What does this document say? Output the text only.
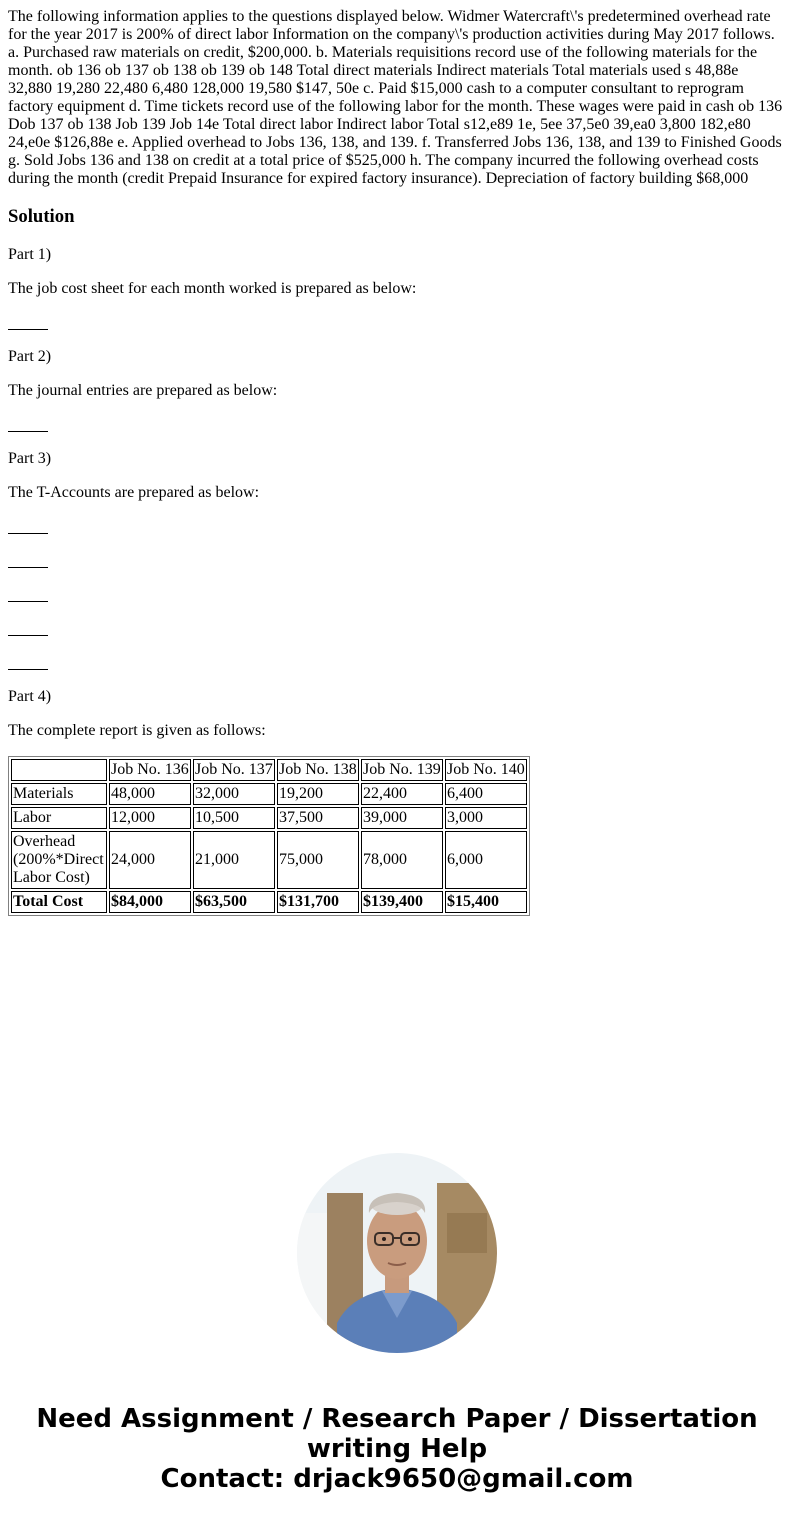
The following information applies to the questions displayed below. Widmer Watercraft\'s predetermined overhead rate for the year 2017 is 200% of direct labor Information on the company\'s production activities during May 2017 follows. a. Purchased raw materials on credit, $200,000. b. Materials requisitions record use of the following materials for the month. ob 136 ob 137 ob 138 ob 139 ob 148 Total direct materials Indirect materials Total materials used s 48,88e 32,880 19,280 22,480 6,480 128,000 19,580 $147, 50e c. Paid $15,000 cash to a computer consultant to reprogram factory equipment d. Time tickets record use of the following labor for the month. These wages were paid in cash ob 136 Dob 137 ob 138 Job 139 Job 14e Total direct labor Indirect labor Total s12,e89 1e, 5ee 37,5e0 39,ea0 3,800 182,e80 24,e0e $126,88e e. Applied overhead to Jobs 136, 138, and 139. f. Transferred Jobs 136, 138, and 139 to Finished Goods g. Sold Jobs 136 and 138 on credit at a total price of $525,000 h. The company incurred the following overhead costs during the month (credit Prepaid Insurance for expired factory insurance). Depreciation of factory building $68,000

Solution

Part 1)

The job cost sheet for each month worked is prepared as below:

Part 2)

The journal entries are prepared as below:

Part 3)

The T-Accounts are prepared as below:

Part 4)

The complete report is given as follows:

	Job No. 136	Job No. 137	Job No. 138	Job No. 139	Job No. 140
Materials	48,000	32,000	19,200	22,400	6,400
Labor	12,000	10,500	37,500	39,000	3,000
Overhead (200%*Direct Labor Cost)	24,000	21,000	75,000	78,000	6,000
Total Cost	$84,000	$63,500	$131,700	$139,400	$15,400
Need Assignment / Research Paper / Dissertation writing Help
Contact: drjack9650@gmail.com
